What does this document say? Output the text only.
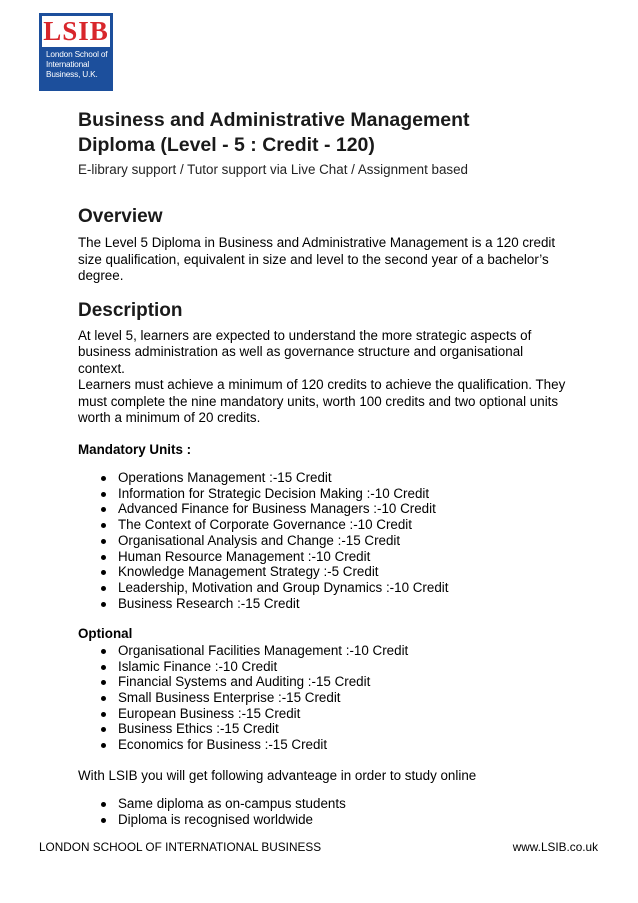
LSIB
London School of
International
Business, U.K.
Business and Administrative Management
Diploma (Level - 5 : Credit - 120)
E-library support / Tutor support via Live Chat / Assignment based
Overview

The Level 5 Diploma in Business and Administrative Management is a 120 credit

size qualification, equivalent in size and level to the second year of a bachelor’s

degree.

Description

At level 5, learners are expected to understand the more strategic aspects of

business administration as well as governance structure and organisational context.

Learners must achieve a minimum of 120 credits to achieve the qualification. They

must complete the nine mandatory units, worth 100 credits and two optional units

worth a minimum of 20 credits.

Mandatory Units :
Operations Management :-15 Credit
Information for Strategic Decision Making :-10 Credit
Advanced Finance for Business Managers :-10 Credit
The Context of Corporate Governance :-10 Credit
Organisational Analysis and Change :-15 Credit
Human Resource Management :-10 Credit
Knowledge Management Strategy :-5 Credit
Leadership, Motivation and Group Dynamics :-10 Credit
Business Research :-15 Credit
Optional
Organisational Facilities Management :-10 Credit
Islamic Finance :-10 Credit
Financial Systems and Auditing :-15 Credit
Small Business Enterprise :-15 Credit
European Business :-15 Credit
Business Ethics :-15 Credit
Economics for Business :-15 Credit

With LSIB you will get following advanteage in order to study online

Same diploma as on-campus students
Diploma is recognised worldwide
LONDON SCHOOL OF INTERNATIONAL BUSINESS	www.LSIB.co.uk
